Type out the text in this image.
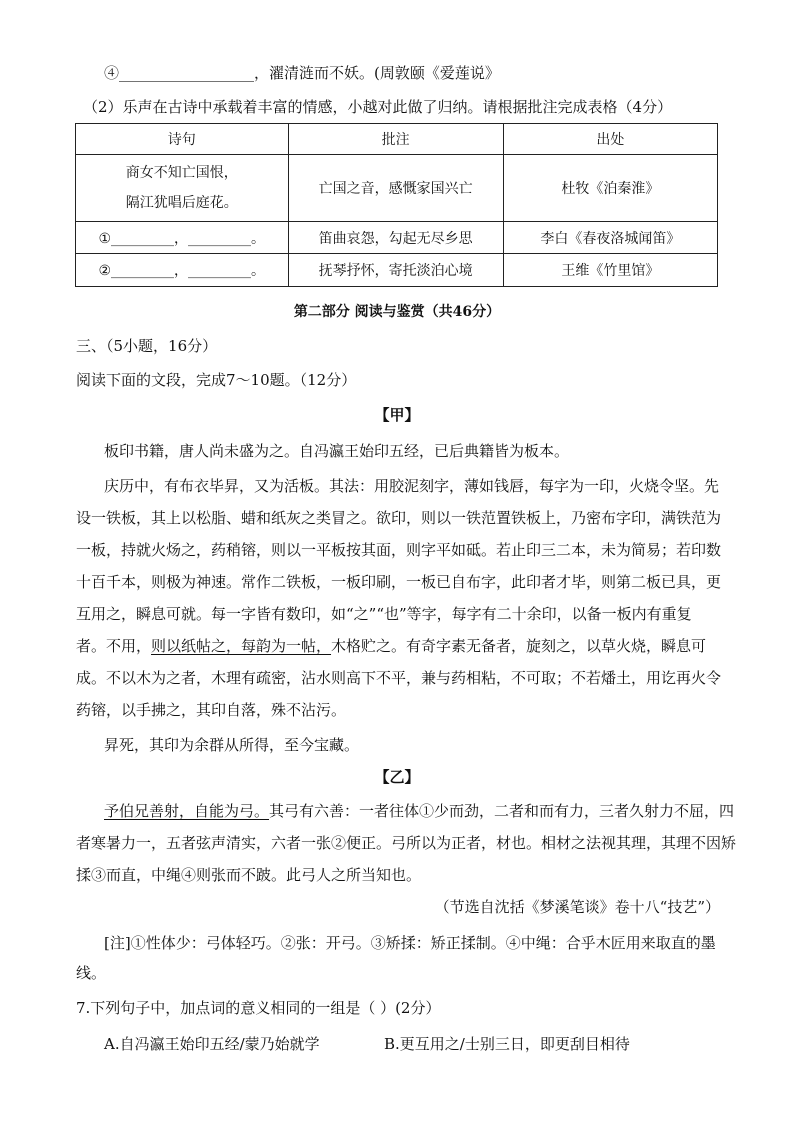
④__________________，濯清涟而不妖。(周敦颐《爱莲说》
（2）乐声在古诗中承载着丰富的情感，小越对此做了归纳。请根据批注完成表格（4分）
诗句	批注	出处

商女不知亡国恨，
隔江犹唱后庭花。	亡国之音，感慨家国兴亡	杜牧《泊秦淮》
①_________，_________。	笛曲哀怨，勾起无尽乡思	李白《春夜洛城闻笛》
②_________，_________。	抚琴抒怀，寄托淡泊心境	王维《竹里馆》
第二部分 阅读与鉴赏（共46分）
三、（5小题，16分）
阅读下面的文段，完成7～10题。（12分）
【甲】
板印书籍，唐人尚未盛为之。自冯瀛王始印五经，已后典籍皆为板本。
庆历中，有布衣毕昇，又为活板。其法：用胶泥刻字，薄如钱唇，每字为一印，火烧令坚。先
设一铁板，其上以松脂、蜡和纸灰之类冒之。欲印，则以一铁范置铁板上，乃密布字印，满铁范为
一板，持就火炀之，药稍镕，则以一平板按其面，则字平如砥。若止印三二本，未为简易；若印数
十百千本，则极为神速。常作二铁板，一板印刷，一板已自布字，此印者才毕，则第二板已具，更
互用之，瞬息可就。每一字皆有数印，如“之”“也”等字，每字有二十余印，以备一板内有重复
者。不用，则以纸帖之，每韵为一帖，木格贮之。有奇字素无备者，旋刻之，以草火烧，瞬息可
成。不以木为之者，木理有疏密，沾水则高下不平，兼与药相粘，不可取；不若燔土，用讫再火令
药镕，以手拂之，其印自落，殊不沾污。
昇死，其印为余群从所得，至今宝藏。
【乙】
予伯兄善射，自能为弓。其弓有六善：一者往体①少而劲，二者和而有力，三者久射力不屈，四
者寒暑力一，五者弦声清实，六者一张②便正。弓所以为正者，材也。相材之法视其理，其理不因矫
揉③而直，中绳④则张而不跛。此弓人之所当知也。
（节选自沈括《梦溪笔谈》卷十八“技艺”）
[注]①性体少：弓体轻巧。②张：开弓。③矫揉：矫正揉制。④中绳：合乎木匠用来取直的墨
线。
7.下列句子中，加点词的意义相同的一组是（ ）(2分）
A.自冯瀛王始印五经/蒙乃始就学	B.更互用之/士别三日，即更刮目相待
